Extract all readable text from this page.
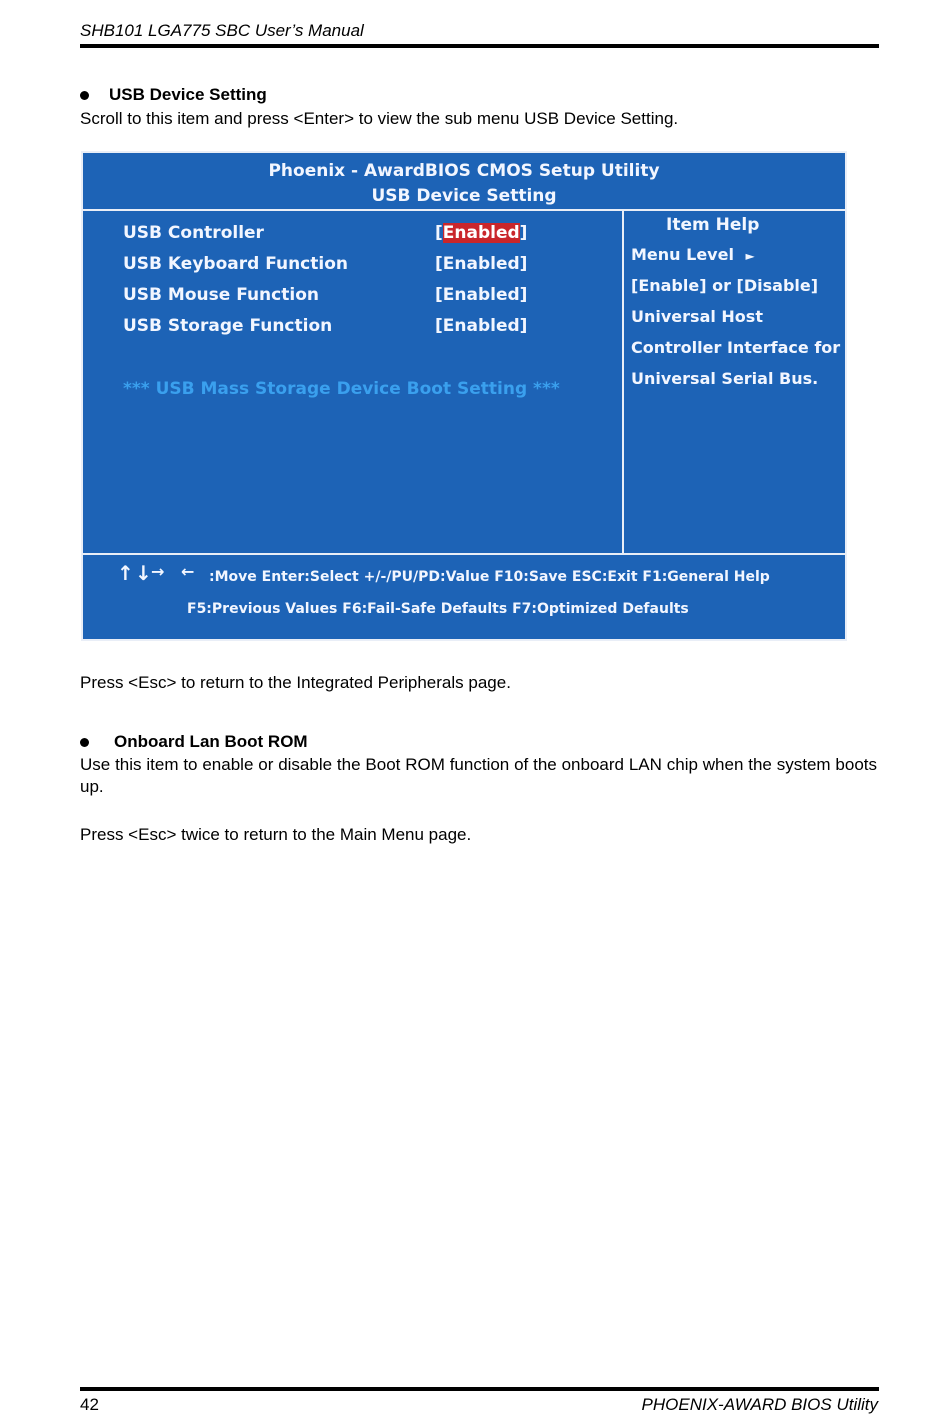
SHB101 LGA775 SBC User’s Manual
USB Device Setting
Scroll to this item and press <Enter> to view the sub menu USB Device Setting.
Phoenix - AwardBIOS CMOS Setup Utility
USB Device Setting
USB Controller	[Enabled]
USB Keyboard Function	[Enabled]
USB Mouse Function	[Enabled]
USB Storage Function	[Enabled]
*** USB Mass Storage Device Boot Setting ***
Item Help
Menu Level ►
[Enable] or [Disable]
Universal Host
Controller Interface for
Universal Serial Bus.
↑ ↓ → ← :Move Enter:Select +/-/PU/PD:Value F10:Save ESC:Exit F1:General Help
F5:Previous Values F6:Fail-Safe Defaults F7:Optimized Defaults
Press <Esc> to return to the Integrated Peripherals page.
Onboard Lan Boot ROM
Use this item to enable or disable the Boot ROM function of the onboard LAN chip when the system boots up.
Press <Esc> twice to return to the Main Menu page.
42	PHOENIX-AWARD BIOS Utility
